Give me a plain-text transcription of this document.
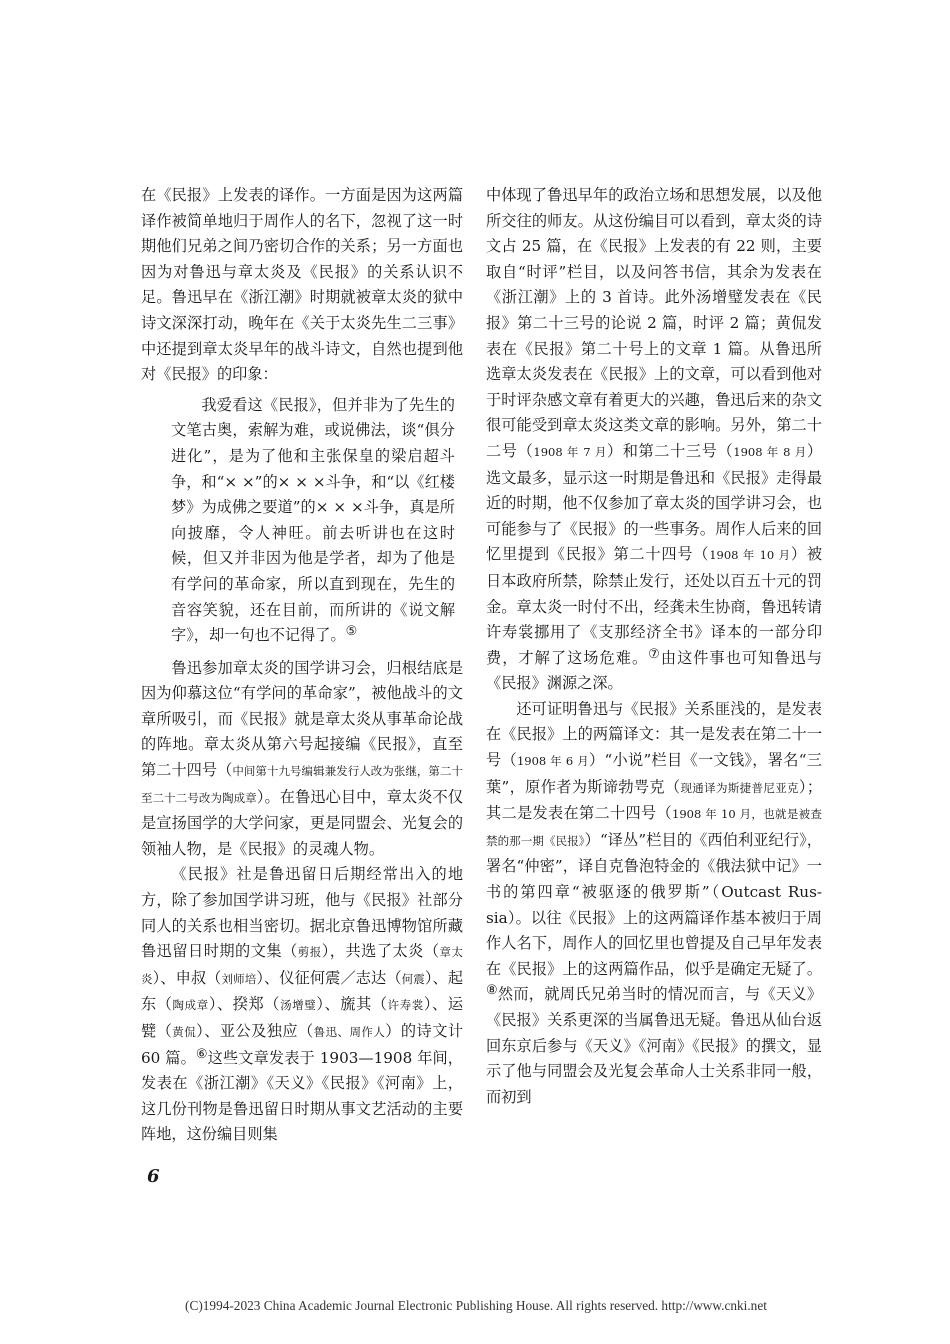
在《民报》上发表的译作。一方面是因为这两篇译作被简单地归于周作人的名下，忽视了这一时期他们兄弟之间乃密切合作的关系；另一方面也因为对鲁迅与章太炎及《民报》的关系认识不足。鲁迅早在《浙江潮》时期就被章太炎的狱中诗文深深打动，晚年在《关于太炎先生二三事》中还提到章太炎早年的战斗诗文，自然也提到他对《民报》的印象：

我爱看这《民报》，但并非为了先生的文笔古奥，索解为难，或说佛法，谈“俱分进化”，是为了他和主张保皇的梁启超斗争，和“× ×”的× × ×斗争，和“以《红楼梦》为成佛之要道”的× × ×斗争，真是所向披靡，令人神旺。前去听讲也在这时候，但又并非因为他是学者，却为了他是有学问的革命家，所以直到现在，先生的音容笑貌，还在目前，而所讲的《说文解字》，却一句也不记得了。⑤

鲁迅参加章太炎的国学讲习会，归根结底是因为仰慕这位“有学问的革命家”，被他战斗的文章所吸引，而《民报》就是章太炎从事革命论战的阵地。章太炎从第六号起接编《民报》，直至第二十四号（中间第十九号编辑兼发行人改为张继，第二十至二十二号改为陶成章）。在鲁迅心目中，章太炎不仅是宣扬国学的大学问家，更是同盟会、光复会的领袖人物，是《民报》的灵魂人物。

《民报》社是鲁迅留日后期经常出入的地方，除了参加国学讲习班，他与《民报》社部分同人的关系也相当密切。据北京鲁迅博物馆所藏鲁迅留日时期的文集（剪报），共选了太炎（章太炎）、申叔（刘师培）、仪征何震／志达（何震）、起东（陶成章）、揆郑（汤增璧）、旒其（许寿裳）、运甓（黄侃）、亚公及独应（鲁迅、周作人）的诗文计 60 篇。⑥这些文章发表于 1903—1908 年间，发表在《浙江潮》《天义》《民报》《河南》上，这几份刊物是鲁迅留日时期从事文艺活动的主要阵地，这份编目则集

中体现了鲁迅早年的政治立场和思想发展，以及他所交往的师友。从这份编目可以看到，章太炎的诗文占 25 篇，在《民报》上发表的有 22 则，主要取自“时评”栏目，以及问答书信，其余为发表在《浙江潮》上的 3 首诗。此外汤增璧发表在《民报》第二十三号的论说 2 篇，时评 2 篇；黄侃发表在《民报》第二十号上的文章 1 篇。从鲁迅所选章太炎发表在《民报》上的文章，可以看到他对于时评杂感文章有着更大的兴趣，鲁迅后来的杂文很可能受到章太炎这类文章的影响。另外，第二十二号（1908 年 7 月）和第二十三号（1908 年 8 月）选文最多，显示这一时期是鲁迅和《民报》走得最近的时期，他不仅参加了章太炎的国学讲习会，也可能参与了《民报》的一些事务。周作人后来的回忆里提到《民报》第二十四号（1908 年 10 月）被日本政府所禁，除禁止发行，还处以百五十元的罚金。章太炎一时付不出，经龚未生协商，鲁迅转请许寿裳挪用了《支那经济全书》译本的一部分印费，才解了这场危难。⑦由这件事也可知鲁迅与《民报》渊源之深。

还可证明鲁迅与《民报》关系匪浅的，是发表在《民报》上的两篇译文：其一是发表在第二十一号（1908 年 6 月）“小说”栏目《一文钱》，署名“三葉”，原作者为斯谛勃咢克（现通译为斯捷普尼亚克）；其二是发表在第二十四号（1908 年 10 月，也就是被查禁的那一期《民报》）“译丛”栏目的《西伯利亚纪行》，署名“仲密”，译自克鲁泡特金的《俄法狱中记》一书的第四章“被驱逐的俄罗斯”（Outcast Rus-sia）。以往《民报》上的这两篇译作基本被归于周作人名下，周作人的回忆里也曾提及自己早年发表在《民报》上的这两篇作品，似乎是确定无疑了。⑧然而，就周氏兄弟当时的情况而言，与《天义》《民报》关系更深的当属鲁迅无疑。鲁迅从仙台返回东京后参与《天义》《河南》《民报》的撰文，显示了他与同盟会及光复会革命人士关系非同一般，而初到

6
(C)1994-2023 China Academic Journal Electronic Publishing House. All rights reserved. http://www.cnki.net
